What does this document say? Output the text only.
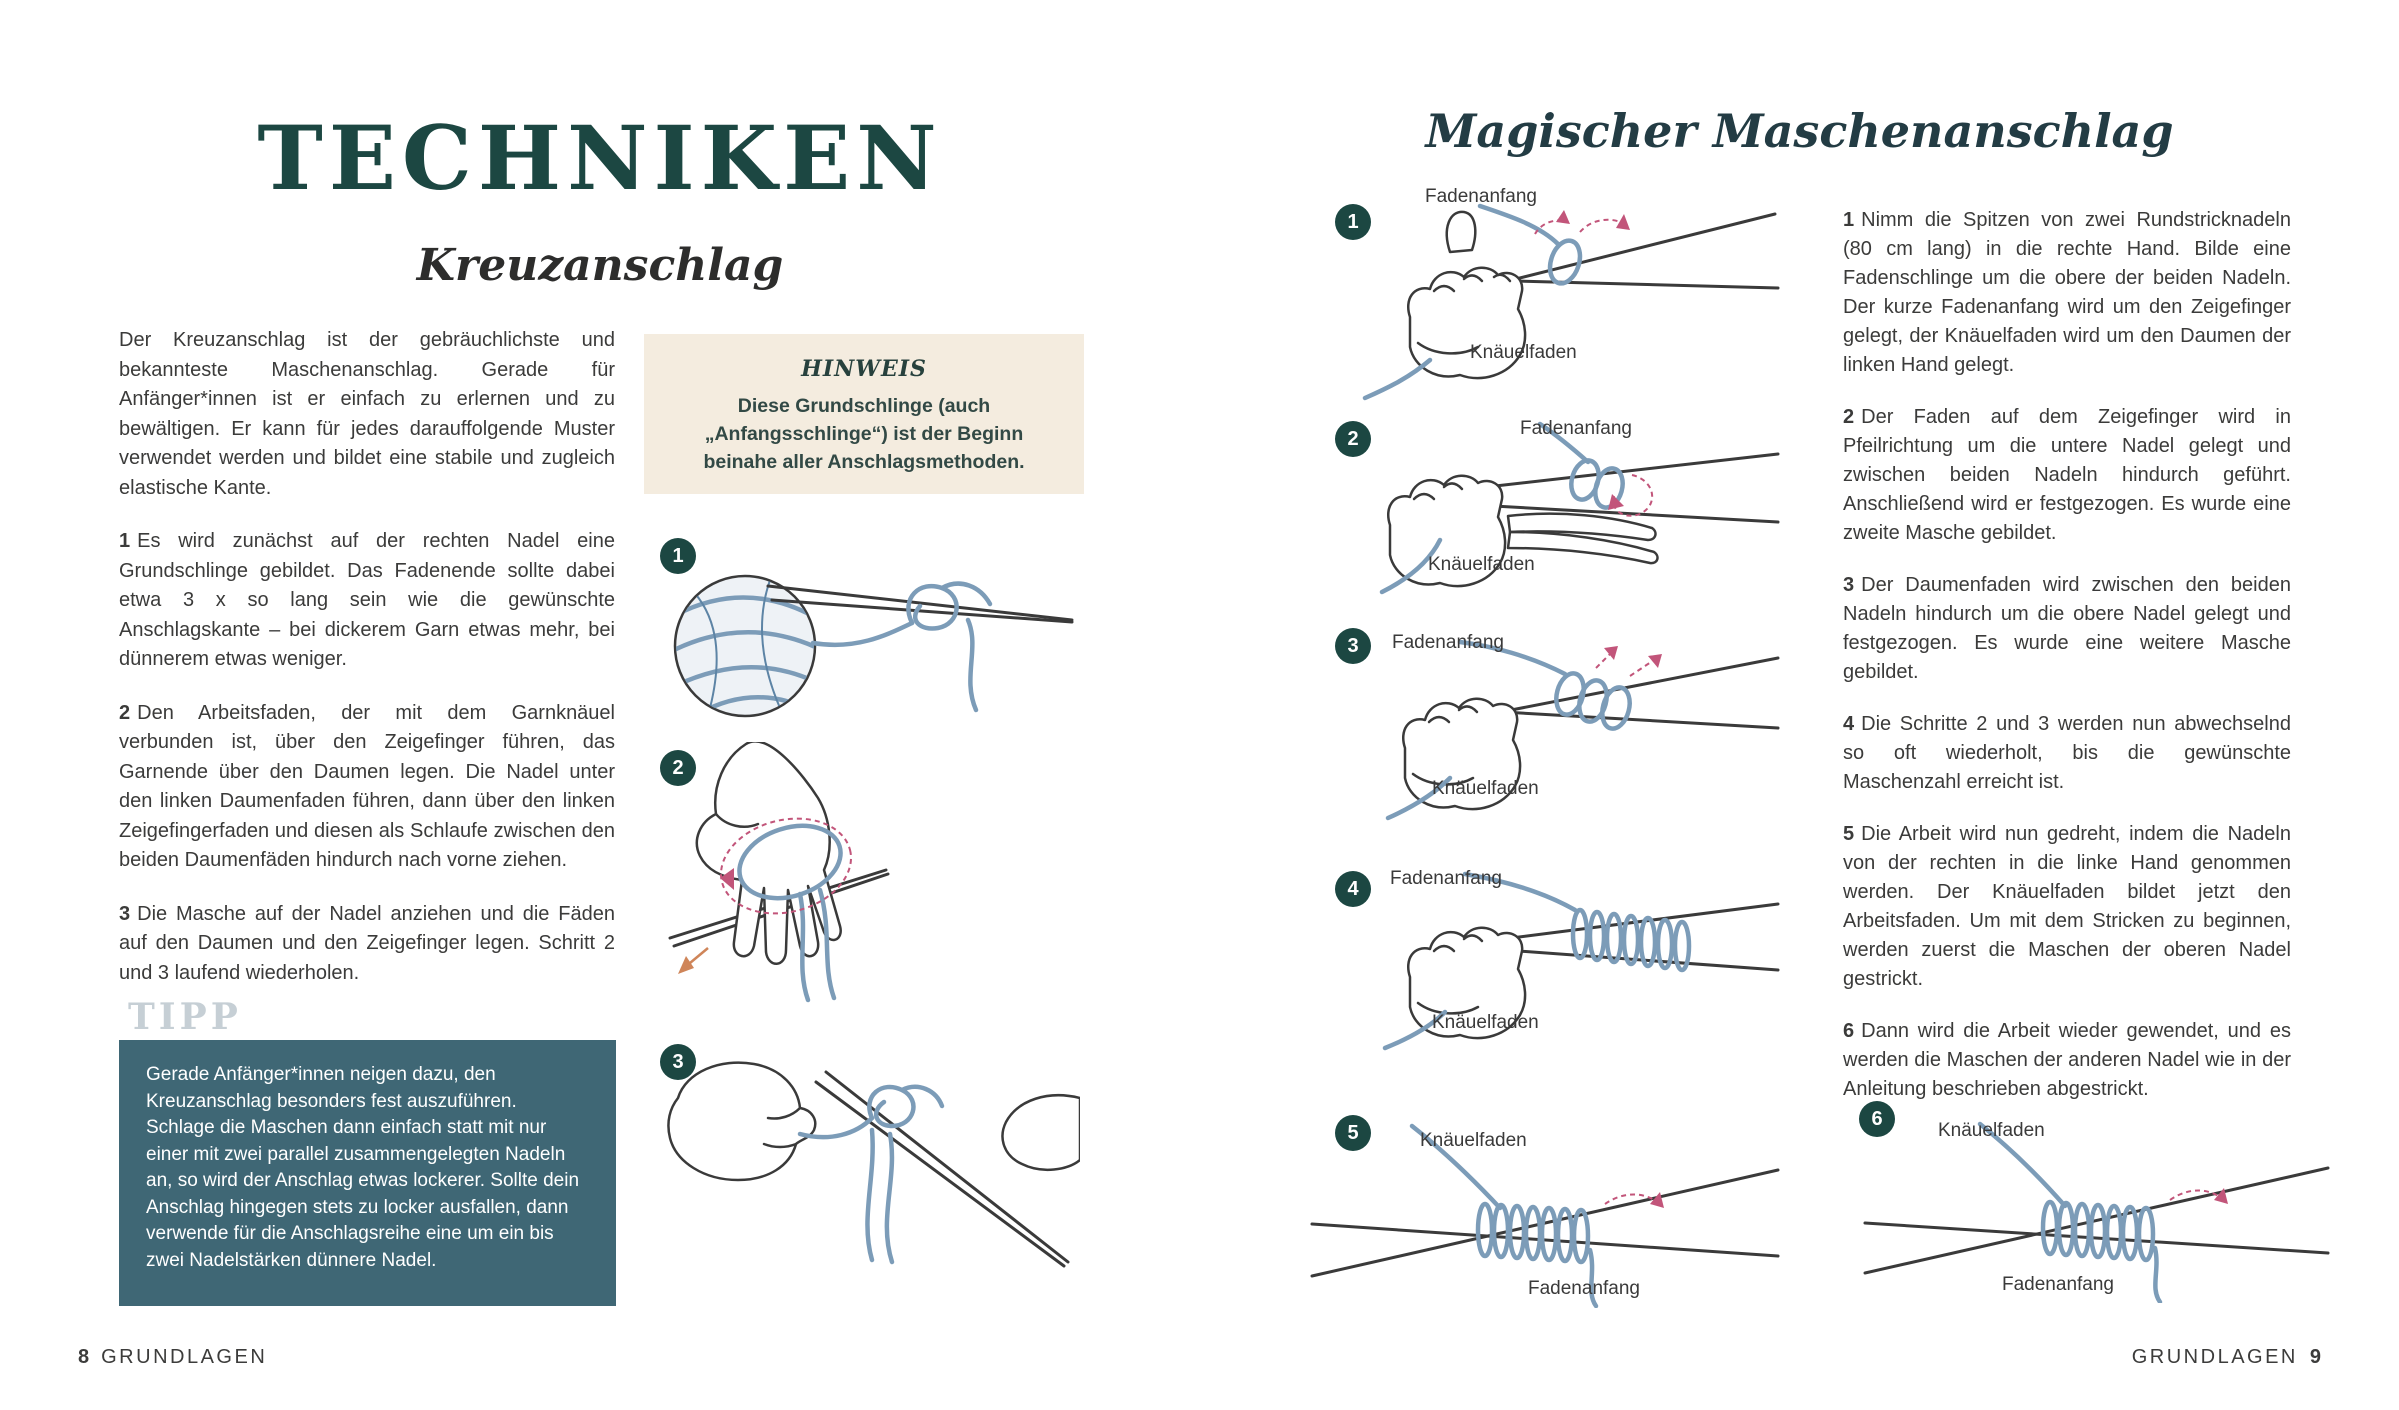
TECHNIKEN
Kreuzanschlag

Der Kreuzanschlag ist der gebräuchlichste und bekannteste Maschenanschlag. Gerade für Anfänger*innen ist er einfach zu erlernen und zu bewältigen. Er kann für jedes darauffolgende Muster verwendet werden und bildet eine stabile und zugleich elastische Kante.

1 Es wird zunächst auf der rechten Nadel eine Grundschlinge gebildet. Das Fadenende sollte dabei etwa 3 x so lang sein wie die gewünschte Anschlagskante – bei dickerem Garn etwas mehr, bei dünnerem etwas weniger.

2 Den Arbeitsfaden, der mit dem Garnknäuel verbunden ist, über den Zeigefinger führen, das Garnende über den Daumen legen. Die Nadel unter den linken Daumenfaden führen, dann über den linken Zeigefingerfaden und diesen als Schlaufe zwischen den beiden Daumenfäden hindurch nach vorne ziehen.

3 Die Masche auf der Nadel anziehen und die Fäden auf den Daumen und den Zeigefinger legen. Schritt 2 und 3 laufend wiederholen.

TIPP

Gerade Anfänger*innen neigen dazu, den Kreuzanschlag besonders fest auszuführen. Schlage die Maschen dann einfach statt mit nur einer mit zwei parallel zusammengelegten Nadeln an, so wird der Anschlag etwas lockerer. Sollte dein Anschlag hingegen stets zu locker ausfallen, dann verwende für die Anschlagsreihe eine um ein bis zwei Nadelstärken dünnere Nadel.

HINWEIS

Diese Grundschlinge (auch „Anfangsschlinge“) ist der Beginn beinahe aller Anschlagsmethoden.

1
2
3
8 GRUNDLAGEN
Magischer Maschenanschlag

1 Nimm die Spitzen von zwei Rundstricknadeln (80 cm lang) in die rechte Hand. Bilde eine Fadenschlinge um die obere der beiden Nadeln. Der kurze Fadenanfang wird um den Zeigefinger gelegt, der Knäuelfaden wird um den Daumen der linken Hand gelegt.

2 Der Faden auf dem Zeigefinger wird in Pfeilrichtung um die untere Nadel gelegt und zwischen beiden Nadeln hindurch geführt. Anschließend wird er festgezogen. Es wurde eine zweite Masche gebildet.

3 Der Daumenfaden wird zwischen den beiden Nadeln hindurch um die obere Nadel gelegt und festgezogen. Es wurde eine weitere Masche gebildet.

4 Die Schritte 2 und 3 werden nun abwechselnd so oft wiederholt, bis die gewünschte Maschenzahl erreicht ist.

5 Die Arbeit wird nun gedreht, indem die Nadeln von der rechten in die linke Hand genommen werden. Der Knäuelfaden bildet jetzt den Arbeitsfaden. Um mit dem Stricken zu beginnen, werden zuerst die Maschen der oberen Nadel gestrickt.

6 Dann wird die Arbeit wieder gewendet, und es werden die Maschen der anderen Nadel wie in der Anleitung beschrieben abgestrickt.

1
Fadenanfang
Knäuelfaden
2	Fadenanfang
Knäuelfaden
3	Fadenanfang
Knäuelfaden
4	Fadenanfang
Knäuelfaden
5	Knäuelfaden
Fadenanfang
6
Knäuelfaden
Fadenanfang
GRUNDLAGEN 9
